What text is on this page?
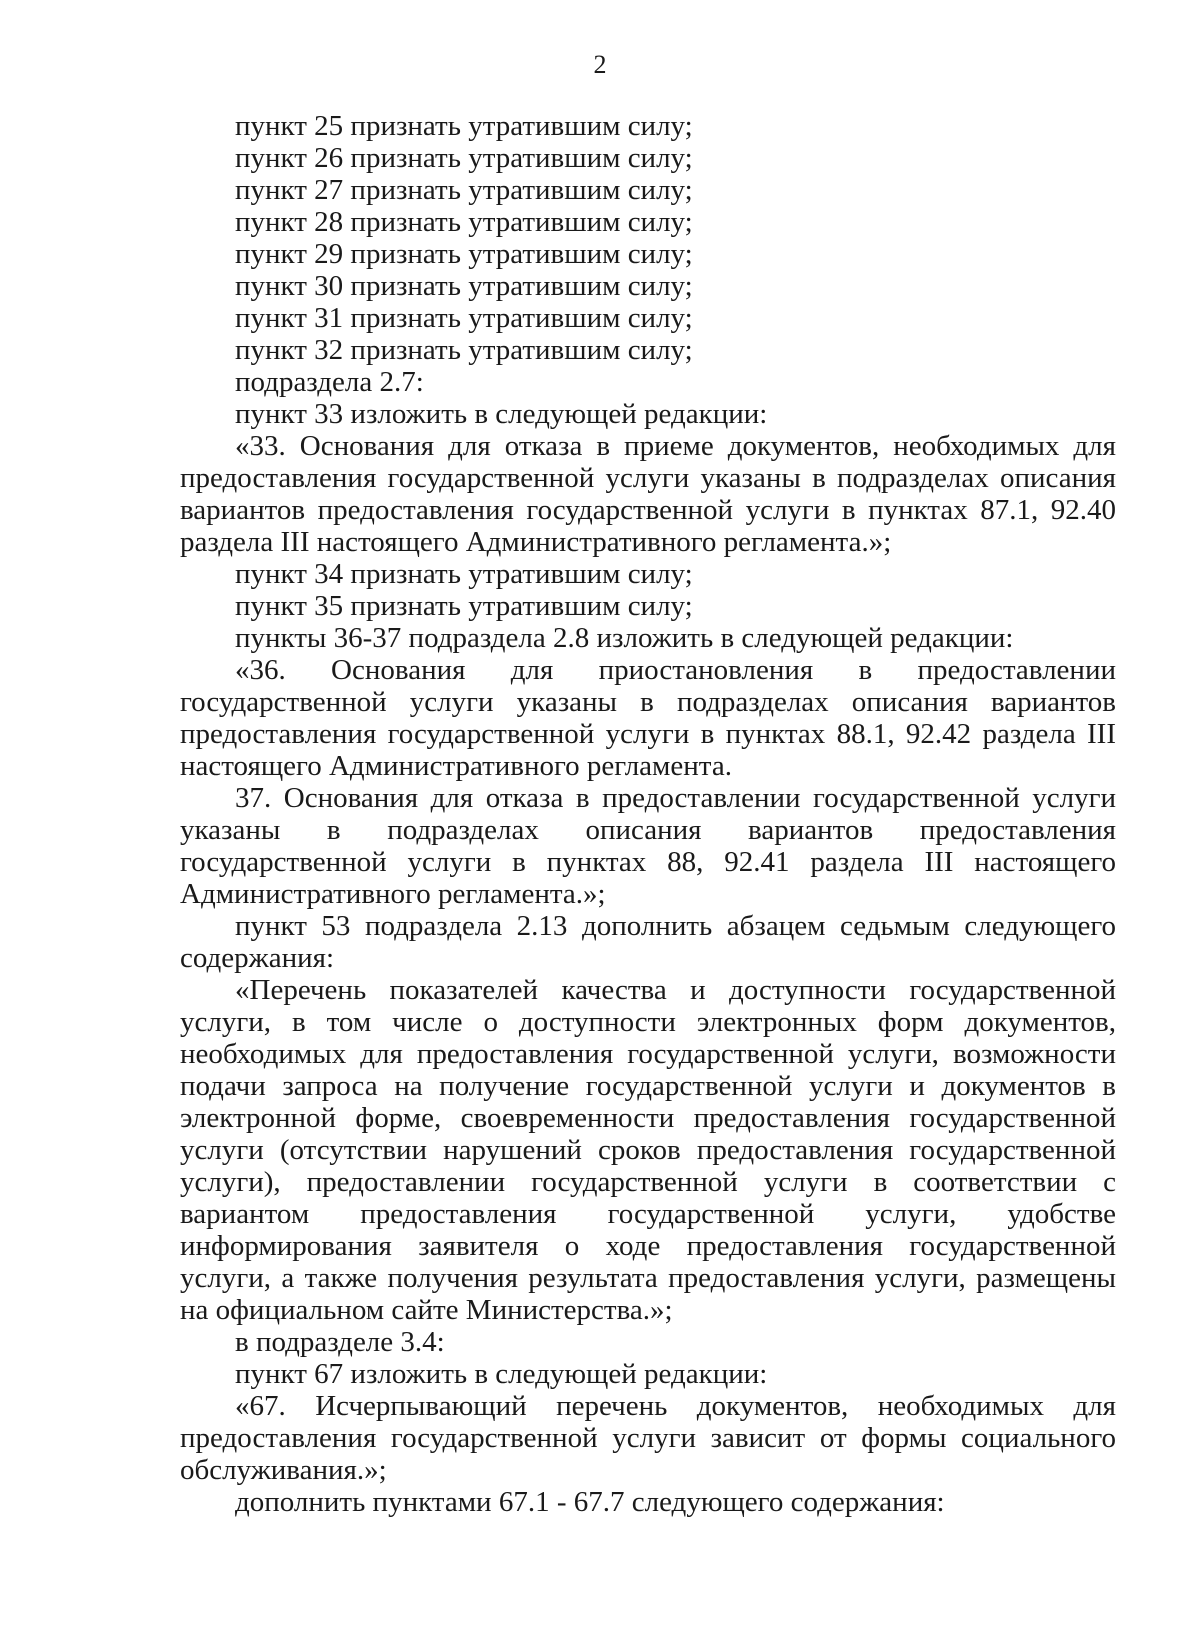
2

пункт 25 признать утратившим силу;

пункт 26 признать утратившим силу;

пункт 27 признать утратившим силу;

пункт 28 признать утратившим силу;

пункт 29 признать утратившим силу;

пункт 30 признать утратившим силу;

пункт 31 признать утратившим силу;

пункт 32 признать утратившим силу;

подраздела 2.7:

пункт 33 изложить в следующей редакции:

«33. Основания для отказа в приеме документов, необходимых для предоставления государственной услуги указаны в подразделах описания вариантов предоставления государственной услуги в пунктах 87.1, 92.40 раздела III настоящего Административного регламента.»;

пункт 34 признать утратившим силу;

пункт 35 признать утратившим силу;

пункты 36-37 подраздела 2.8 изложить в следующей редакции:

«36. Основания для приостановления в предоставлении государственной услуги указаны в подразделах описания вариантов предоставления государственной услуги в пунктах 88.1, 92.42 раздела III настоящего Административного регламента.

37. Основания для отказа в предоставлении государственной услуги указаны в подразделах описания вариантов предоставления государственной услуги в пунктах 88, 92.41 раздела III настоящего Административного регламента.»;

пункт 53 подраздела 2.13 дополнить абзацем седьмым следующего содержания:

«Перечень показателей качества и доступности государственной услуги, в том числе о доступности электронных форм документов, необходимых для предоставления государственной услуги, возможности подачи запроса на получение государственной услуги и документов в электронной форме, своевременности предоставления государственной услуги (отсутствии нарушений сроков предоставления государственной услуги), предоставлении государственной услуги в соответствии с вариантом предоставления государственной услуги, удобстве информирования заявителя о ходе предоставления государственной услуги, а также получения результата предоставления услуги, размещены на официальном сайте Министерства.»;

в подразделе 3.4:

пункт 67 изложить в следующей редакции:

«67. Исчерпывающий перечень документов, необходимых для предоставления государственной услуги зависит от формы социального обслуживания.»;

дополнить пунктами 67.1 - 67.7 следующего содержания:
